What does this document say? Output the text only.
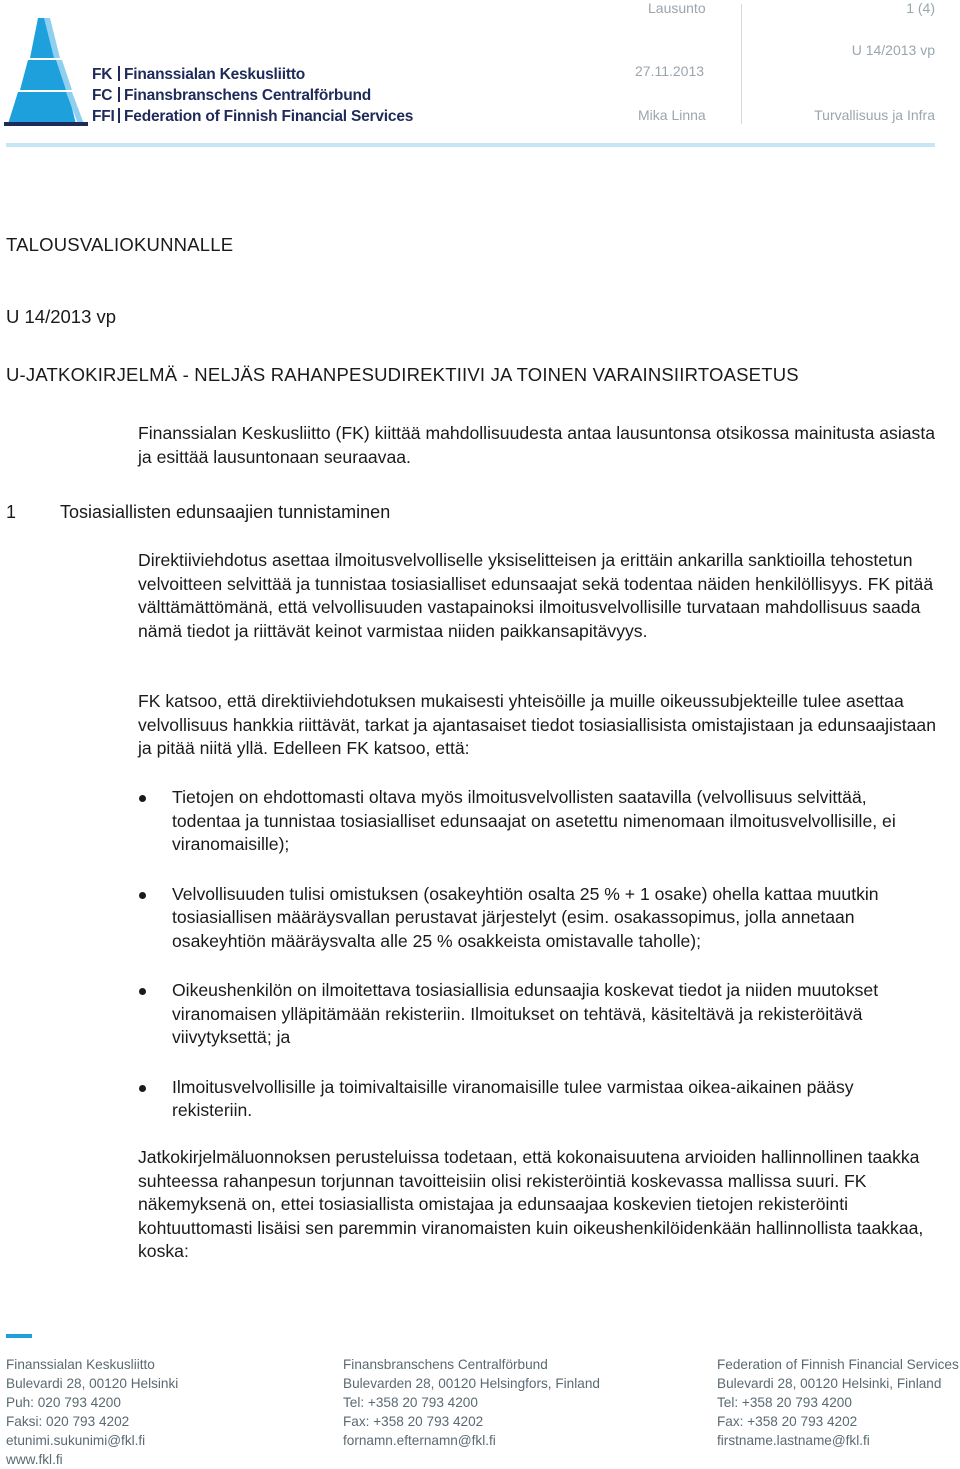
FK Finanssialan Keskusliitto
FC Finansbranschens Centralförbund
FFI Federation of Finnish Financial Services
Lausunto	1 (4)
27.11.2013
U 14/2013 vp
Mika Linna	Turvallisuus ja Infra
TALOUSVALIOKUNNALLE
U 14/2013 vp
U-JATKOKIRJELMÄ - NELJÄS RAHANPESUDIREKTIIVI JA TOINEN VARAINSIIRTOASETUS
Finanssialan Keskusliitto (FK) kiittää mahdollisuudesta antaa lausuntonsa otsikossa mainitusta asiasta ja esittää lausuntonaan seuraavaa.
1 Tosiasiallisten edunsaajien tunnistaminen
Direktiiviehdotus asettaa ilmoitusvelvolliselle yksiselitteisen ja erittäin ankarilla sanktioilla tehostetun velvoitteen selvittää ja tunnistaa tosiasialliset edunsaajat sekä todentaa näiden henkilöllisyys. FK pitää välttämättömänä, että velvollisuuden vastapainoksi ilmoitusvelvollisille turvataan mahdollisuus saada nämä tiedot ja riittävät keinot varmistaa niiden paikkansapitävyys.
FK katsoo, että direktiiviehdotuksen mukaisesti yhteisöille ja muille oikeussubjekteille tulee asettaa velvollisuus hankkia riittävät, tarkat ja ajantasaiset tiedot tosiasiallisista omistajistaan ja edunsaajistaan ja pitää niitä yllä. Edelleen FK katsoo, että:
Tietojen on ehdottomasti oltava myös ilmoitusvelvollisten saatavilla (velvollisuus selvittää, todentaa ja tunnistaa tosiasialliset edunsaajat on asetettu nimenomaan ilmoitusvelvollisille, ei viranomaisille);
Velvollisuuden tulisi omistuksen (osakeyhtiön osalta 25 % + 1 osake) ohella kattaa muutkin tosiasiallisen määräysvallan perustavat järjestelyt (esim. osakassopimus, jolla annetaan osakeyhtiön määräysvalta alle 25 % osakkeista omistavalle taholle);
Oikeushenkilön on ilmoitettava tosiasiallisia edunsaajia koskevat tiedot ja niiden muutokset viranomaisen ylläpitämään rekisteriin. Ilmoitukset on tehtävä, käsiteltävä ja rekisteröitävä viivytyksettä; ja
Ilmoitusvelvollisille ja toimivaltaisille viranomaisille tulee varmistaa oikea-aikainen pääsy rekisteriin.
Jatkokirjelmäluonnoksen perusteluissa todetaan, että kokonaisuutena arvioiden hallinnollinen taakka suhteessa rahanpesun torjunnan tavoitteisiin olisi rekisteröintiä koskevassa mallissa suuri. FK näkemyksenä on, ettei tosiasiallista omistajaa ja edunsaajaa koskevien tietojen rekisteröinti kohtuuttomasti lisäisi sen paremmin viranomaisten kuin oikeushenkilöidenkään hallinnollista taakkaa, koska:
Finanssialan Keskusliitto
Bulevardi 28, 00120 Helsinki
Puh: 020 793 4200
Faksi: 020 793 4202
etunimi.sukunimi@fkl.fi
www.fkl.fi
Finansbranschens Centralförbund
Bulevarden 28, 00120 Helsingfors, Finland
Tel: +358 20 793 4200
Fax: +358 20 793 4202
fornamn.efternamn@fkl.fi
Federation of Finnish Financial Services
Bulevardi 28, 00120 Helsinki, Finland
Tel: +358 20 793 4200
Fax: +358 20 793 4202
firstname.lastname@fkl.fi
